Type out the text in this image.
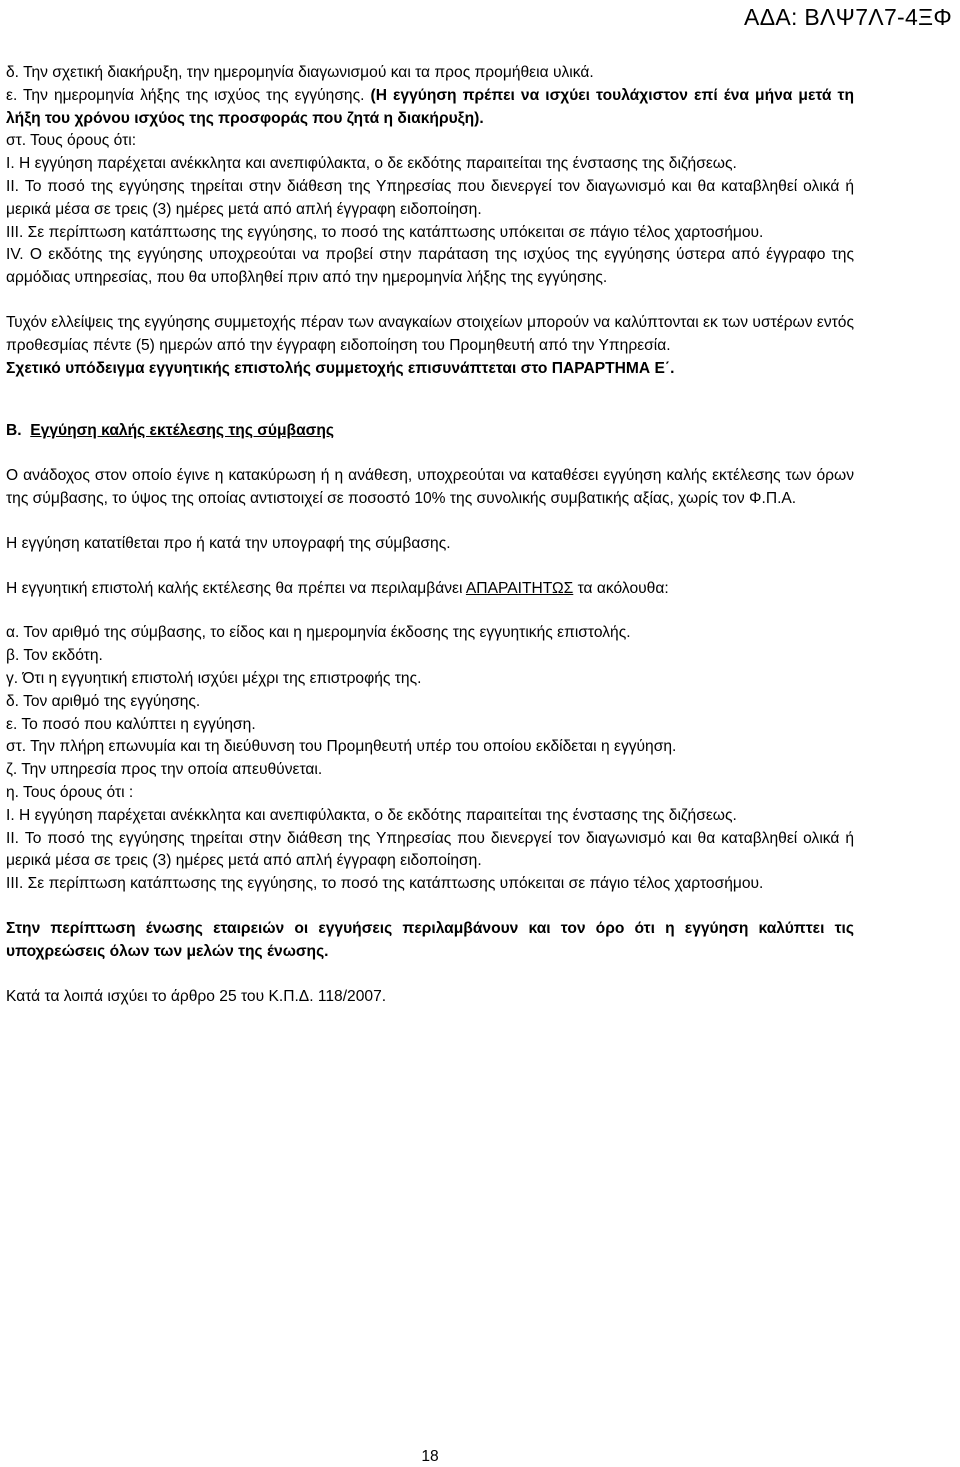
ΑΔΑ: ΒΛΨ7Λ7-4ΞΦ

δ. Την σχετική διακήρυξη, την ημερομηνία διαγωνισμού και τα προς προμήθεια υλικά.

ε. Την ημερομηνία λήξης της ισχύος της εγγύησης. (Η εγγύηση πρέπει να ισχύει τουλάχιστον επί ένα μήνα μετά τη λήξη του χρόνου ισχύος της προσφοράς που ζητά η διακήρυξη).

στ. Τους όρους ότι:

I. Η εγγύηση παρέχεται ανέκκλητα και ανεπιφύλακτα, ο δε εκδότης παραιτείται της ένστασης της διζήσεως.

II. Το ποσό της εγγύησης τηρείται στην διάθεση της Υπηρεσίας που διενεργεί τον διαγωνισμό και θα καταβληθεί ολικά ή μερικά μέσα σε τρεις (3) ημέρες μετά από απλή έγγραφη ειδοποίηση.

III. Σε περίπτωση κατάπτωσης της εγγύησης, το ποσό της κατάπτωσης υπόκειται σε πάγιο τέλος χαρτοσήμου.

IV. Ο εκδότης της εγγύησης υποχρεούται να προβεί στην παράταση της ισχύος της εγγύησης ύστερα από έγγραφο της αρμόδιας υπηρεσίας, που θα υποβληθεί πριν από την ημερομηνία λήξης της εγγύησης.

Τυχόν ελλείψεις της εγγύησης συμμετοχής πέραν των αναγκαίων στοιχείων μπορούν να καλύπτονται εκ των υστέρων εντός προθεσμίας πέντε (5) ημερών από την έγγραφη ειδοποίηση του Προμηθευτή από την Υπηρεσία.

Σχετικό υπόδειγμα εγγυητικής επιστολής συμμετοχής επισυνάπτεται στο ΠΑΡΑΡΤΗΜΑ Ε΄.

Β. Εγγύηση καλής εκτέλεσης της σύμβασης

Ο ανάδοχος στον οποίο έγινε η κατακύρωση ή η ανάθεση, υποχρεούται να καταθέσει εγγύηση καλής εκτέλεσης των όρων της σύμβασης, το ύψος της οποίας αντιστοιχεί σε ποσοστό 10% της συνολικής συμβατικής αξίας, χωρίς τον Φ.Π.Α.

Η εγγύηση κατατίθεται προ ή κατά την υπογραφή της σύμβασης.

Η εγγυητική επιστολή καλής εκτέλεσης θα πρέπει να περιλαμβάνει ΑΠΑΡΑΙΤΗΤΩΣ τα ακόλουθα:

α. Τον αριθμό της σύμβασης, το είδος και η ημερομηνία έκδοσης της εγγυητικής επιστολής.

β. Τον εκδότη.

γ. Ότι η εγγυητική επιστολή ισχύει μέχρι της επιστροφής της.

δ. Τον αριθμό της εγγύησης.

ε. Το ποσό που καλύπτει η εγγύηση.

στ. Την πλήρη επωνυμία και τη διεύθυνση του Προμηθευτή υπέρ του οποίου εκδίδεται η εγγύηση.

ζ. Την υπηρεσία προς την οποία απευθύνεται.

η. Τους όρους ότι :

I. Η εγγύηση παρέχεται ανέκκλητα και ανεπιφύλακτα, ο δε εκδότης παραιτείται της ένστασης της διζήσεως.

II. Το ποσό της εγγύησης τηρείται στην διάθεση της Υπηρεσίας που διενεργεί τον διαγωνισμό και θα καταβληθεί ολικά ή μερικά μέσα σε τρεις (3) ημέρες μετά από απλή έγγραφη ειδοποίηση.

III. Σε περίπτωση κατάπτωσης της εγγύησης, το ποσό της κατάπτωσης υπόκειται σε πάγιο τέλος χαρτοσήμου.

Στην περίπτωση ένωσης εταιρειών οι εγγυήσεις περιλαμβάνουν και τον όρο ότι η εγγύηση καλύπτει τις υποχρεώσεις όλων των μελών της ένωσης.

Κατά τα λοιπά ισχύει το άρθρο 25 του Κ.Π.Δ. 118/2007.

18
